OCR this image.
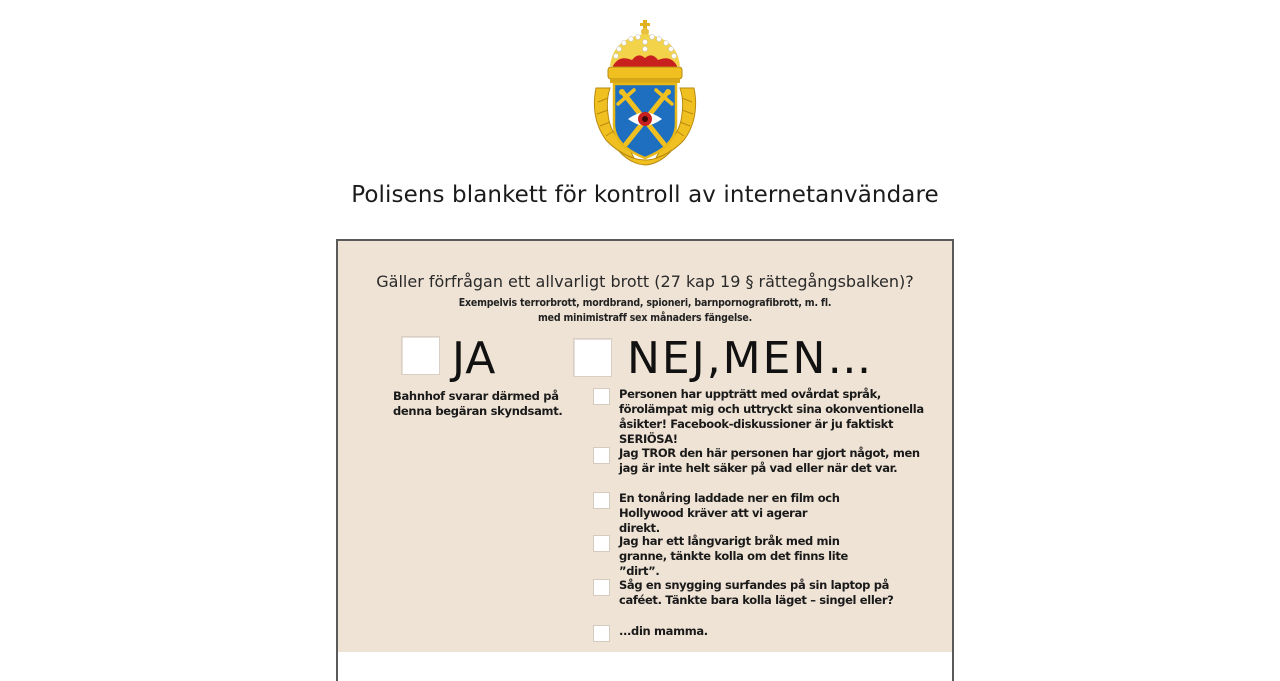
Polisens blankett för kontroll av internetanvändare
Gäller förfrågan ett allvarligt brott (27 kap 19 § rättegångsbalken)?
Exempelvis terrorbrott, mordbrand, spioneri, barnpornografibrott, m. fl.
med minimistraff sex månaders fängelse.
JA	NEJ,MEN…
Bahnhof svarar därmed på denna begäran skyndsamt.
Personen har uppträtt med ovårdat språk, förolämpat mig och uttryckt sina okonventionella åsikter! Facebook-diskussioner är ju faktiskt SERIÖSA!
Jag TROR den här personen har gjort något, men jag är inte helt säker på vad eller när det var.
En tonåring laddade ner en film och Hollywood kräver att vi agerar direkt.
Jag har ett långvarigt bråk med min granne, tänkte kolla om det finns lite ”dirt”.
Såg en snygging surfandes på sin laptop på caféet. Tänkte bara kolla läget – singel eller?
...din mamma.
